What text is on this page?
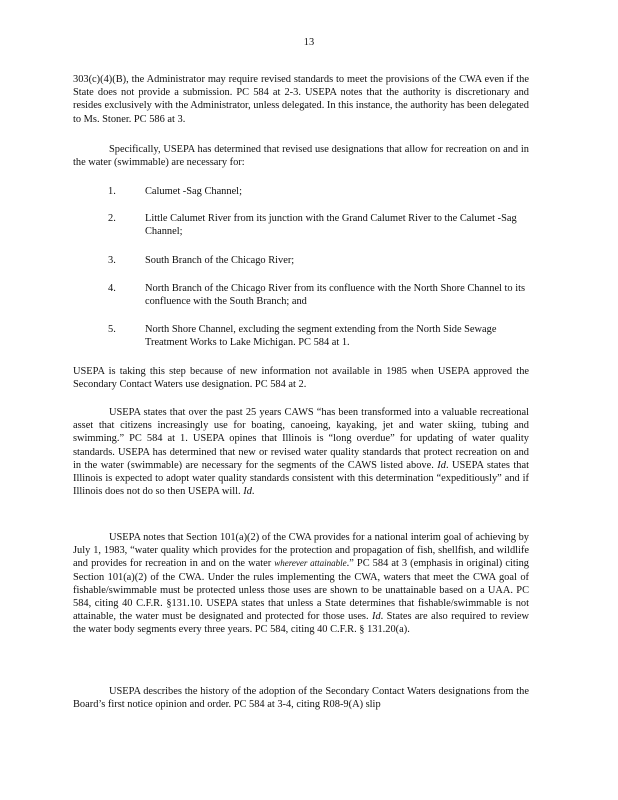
13

303(c)(4)(B), the Administrator may require revised standards to meet the provisions of the CWA even if the State does not provide a submission. PC 584 at 2-3. USEPA notes that the authority is discretionary and resides exclusively with the Administrator, unless delegated. In this instance, the authority has been delegated to Ms. Stoner. PC 586 at 3.

Specifically, USEPA has determined that revised use designations that allow for recreation on and in the water (swimmable) are necessary for:

1.	Calumet -Sag Channel;
2.	Little Calumet River from its junction with the Grand Calumet River to the Calumet -Sag Channel;
3.	South Branch of the Chicago River;
4.	North Branch of the Chicago River from its confluence with the North Shore Channel to its confluence with the South Branch; and
5.	North Shore Channel, excluding the segment extending from the North Side Sewage Treatment Works to Lake Michigan. PC 584 at 1.

USEPA is taking this step because of new information not available in 1985 when USEPA approved the Secondary Contact Waters use designation. PC 584 at 2.

USEPA states that over the past 25 years CAWS “has been transformed into a valuable recreational asset that citizens increasingly use for boating, canoeing, kayaking, jet and water skiing, tubing and swimming.” PC 584 at 1. USEPA opines that Illinois is “long overdue” for updating of water quality standards. USEPA has determined that new or revised water quality standards that protect recreation on and in the water (swimmable) are necessary for the segments of the CAWS listed above. Id. USEPA states that Illinois is expected to adopt water quality standards consistent with this determination “expeditiously” and if Illinois does not do so then USEPA will. Id.

USEPA notes that Section 101(a)(2) of the CWA provides for a national interim goal of achieving by July 1, 1983, “water quality which provides for the protection and propagation of fish, shellfish, and wildlife and provides for recreation in and on the water wherever attainable.” PC 584 at 3 (emphasis in original) citing Section 101(a)(2) of the CWA. Under the rules implementing the CWA, waters that meet the CWA goal of fishable/swimmable must be protected unless those uses are shown to be unattainable based on a UAA. PC 584, citing 40 C.F.R. §131.10. USEPA states that unless a State determines that fishable/swimmable is not attainable, the water must be designated and protected for those uses. Id. States are also required to review the water body segments every three years. PC 584, citing 40 C.F.R. § 131.20(a).

USEPA describes the history of the adoption of the Secondary Contact Waters designations from the Board’s first notice opinion and order. PC 584 at 3-4, citing R08-9(A) slip
